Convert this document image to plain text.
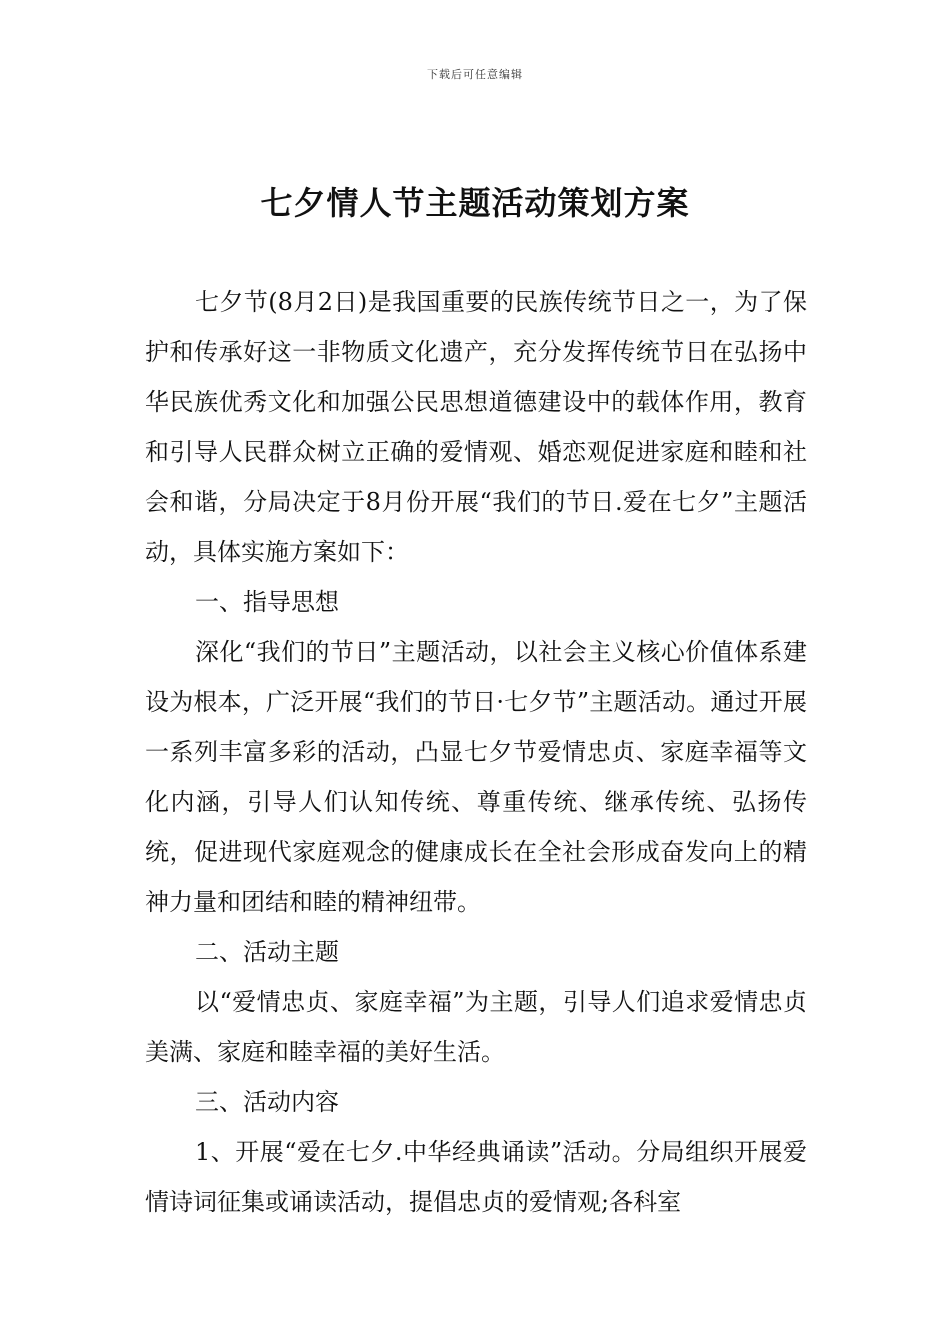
下载后可任意编辑
七夕情人节主题活动策划方案

七夕节(8月2日)是我国重要的民族传统节日之一，为了保护和传承好这一非物质文化遗产，充分发挥传统节日在弘扬中华民族优秀文化和加强公民思想道德建设中的载体作用，教育和引导人民群众树立正确的爱情观、婚恋观促进家庭和睦和社会和谐，分局决定于8月份开展“我们的节日.爱在七夕”主题活动，具体实施方案如下：

一、指导思想

深化“我们的节日”主题活动，以社会主义核心价值体系建设为根本，广泛开展“我们的节日·七夕节”主题活动。通过开展一系列丰富多彩的活动，凸显七夕节爱情忠贞、家庭幸福等文化内涵，引导人们认知传统、尊重传统、继承传统、弘扬传统，促进现代家庭观念的健康成长在全社会形成奋发向上的精神力量和团结和睦的精神纽带。

二、活动主题

以“爱情忠贞、家庭幸福”为主题，引导人们追求爱情忠贞美满、家庭和睦幸福的美好生活。

三、活动内容

1、开展“爱在七夕.中华经典诵读”活动。分局组织开展爱情诗词征集或诵读活动，提倡忠贞的爱情观;各科室
